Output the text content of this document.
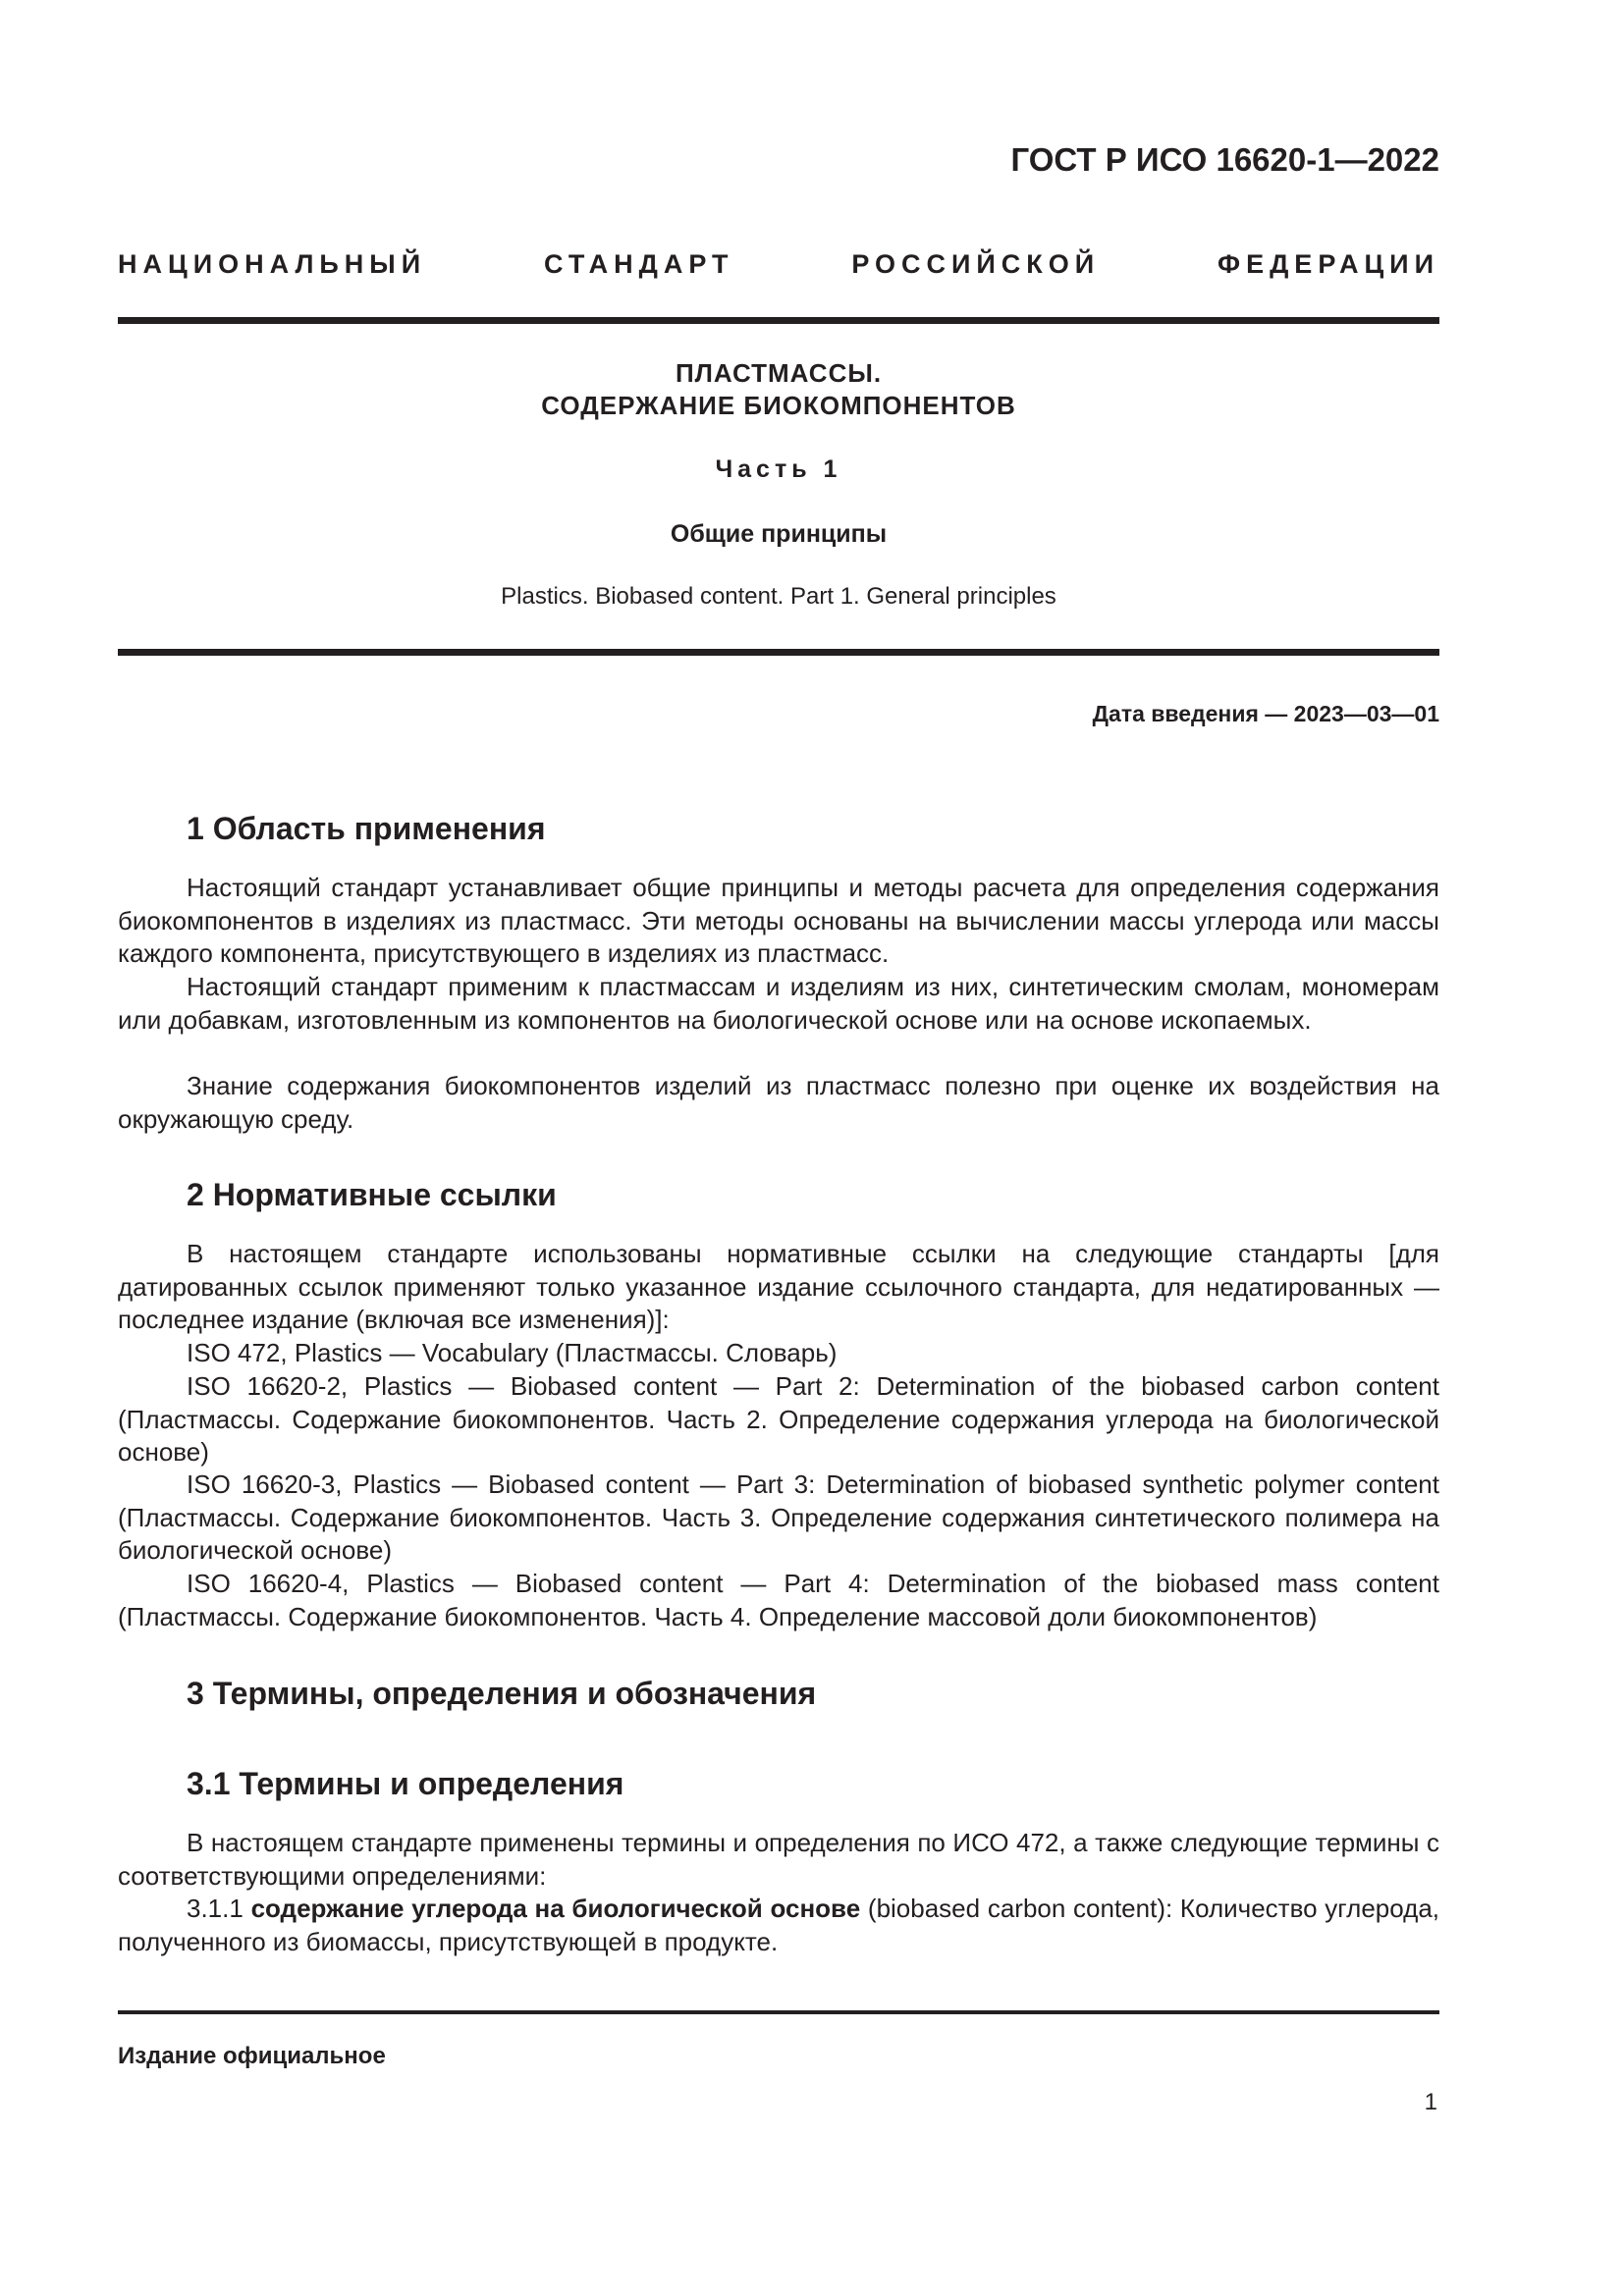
ГОСТ Р ИСО 16620-1—2022
НАЦИОНАЛЬНЫЙ СТАНДАРТ РОССИЙСКОЙ ФЕДЕРАЦИИ
ПЛАСТМАССЫ.
СОДЕРЖАНИЕ БИОКОМПОНЕНТОВ
Часть 1
Общие принципы
Plastics. Biobased content. Part 1. General principles
Дата введения — 2023—03—01
1 Область применения

Настоящий стандарт устанавливает общие принципы и методы расчета для определения содержания биокомпонентов в изделиях из пластмасс. Эти методы основаны на вычислении массы углерода или массы каждого компонента, присутствующего в изделиях из пластмасс.

Настоящий стандарт применим к пластмассам и изделиям из них, синтетическим смолам, мономерам или добавкам, изготовленным из компонентов на биологической основе или на основе ископаемых.

Знание содержания биокомпонентов изделий из пластмасс полезно при оценке их воздействия на окружающую среду.

2 Нормативные ссылки

В настоящем стандарте использованы нормативные ссылки на следующие стандарты [для датированных ссылок применяют только указанное издание ссылочного стандарта, для недатированных — последнее издание (включая все изменения)]:

ISO 472, Plastics — Vocabulary (Пластмассы. Словарь)

ISO 16620-2, Plastics — Biobased content — Part 2: Determination of the biobased carbon content (Пластмассы. Содержание биокомпонентов. Часть 2. Определение содержания углерода на биологической основе)

ISO 16620-3, Plastics — Biobased content — Part 3: Determination of biobased synthetic polymer content (Пластмассы. Содержание биокомпонентов. Часть 3. Определение содержания синтетического полимера на биологической основе)

ISO 16620-4, Plastics — Biobased content — Part 4: Determination of the biobased mass content (Пластмассы. Содержание биокомпонентов. Часть 4. Определение массовой доли биокомпонентов)

3 Термины, определения и обозначения
3.1 Термины и определения

В настоящем стандарте применены термины и определения по ИСО 472, а также следующие термины с соответствующими определениями:

3.1.1 содержание углерода на биологической основе (biobased carbon content): Количество углерода, полученного из биомассы, присутствующей в продукте.

Издание официальное
1
